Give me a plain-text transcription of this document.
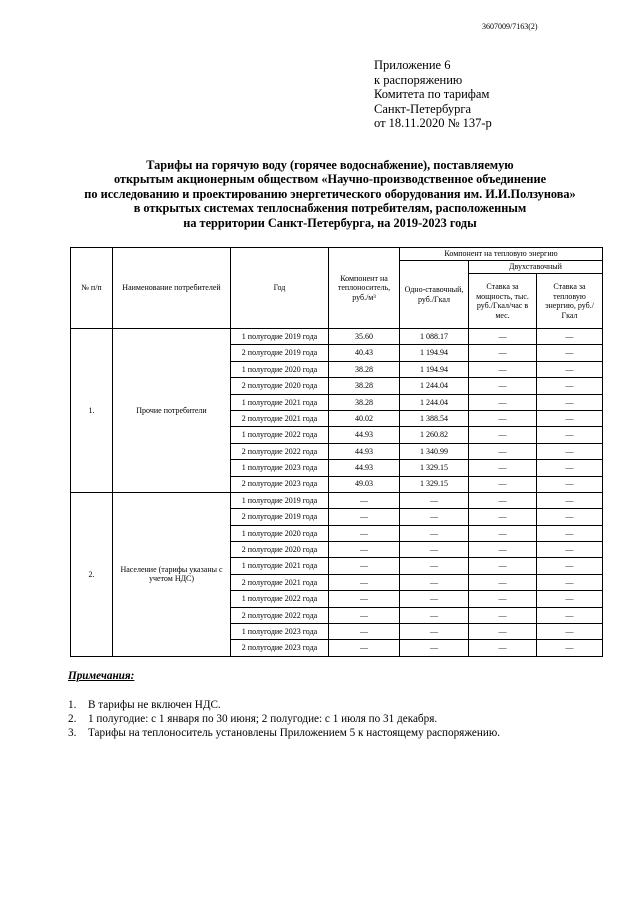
3607009/7163(2)
Приложение 6
к распоряжению
Комитета по тарифам
Санкт-Петербурга
от 18.11.2020 № 137-р
Тарифы на горячую воду (горячее водоснабжение), поставляемую
открытым акционерным обществом «Научно-производственное объединение
по исследованию и проектированию энергетического оборудования им. И.И.Ползунова»
в открытых системах теплоснабжения потребителям, расположенным
на территории Санкт-Петербурга, на 2019-2023 годы
№ п/п	Наименование потребителей	Год	Компонент на теплоноситель, руб./м³	Компонент на тепловую энергию		
				Одно-ставочный, руб./Гкал	Двухставочный	
					Ставка за мощность, тыс. руб./Гкал/час в мес.	Ставка за тепловую энергию, руб./Гкал
1.	Прочие потребители	1 полугодие 2019 года	35.60	1 088.17	—	—
		2 полугодие 2019 года	40.43	1 194.94	—	—
		1 полугодие 2020 года	38.28	1 194.94	—	—
		2 полугодие 2020 года	38.28	1 244.04	—	—
		1 полугодие 2021 года	38.28	1 244.04	—	—
		2 полугодие 2021 года	40.02	1 388.54	—	—
		1 полугодие 2022 года	44.93	1 260.82	—	—
		2 полугодие 2022 года	44.93	1 340.99	—	—
		1 полугодие 2023 года	44.93	1 329.15	—	—
		2 полугодие 2023 года	49.03	1 329.15	—	—
2.	Население (тарифы указаны с учетом НДС)	1 полугодие 2019 года	—	—	—	—
		2 полугодие 2019 года	—	—	—	—
		1 полугодие 2020 года	—	—	—	—
		2 полугодие 2020 года	—	—	—	—
		1 полугодие 2021 года	—	—	—	—
		2 полугодие 2021 года	—	—	—	—
		1 полугодие 2022 года	—	—	—	—
		2 полугодие 2022 года	—	—	—	—
		1 полугодие 2023 года	—	—	—	—
		2 полугодие 2023 года	—	—	—	—
Примечания:
1. В тарифы не включен НДС.
2. 1 полугодие: с 1 января по 30 июня; 2 полугодие: с 1 июля по 31 декабря.
3. Тарифы на теплоноситель установлены Приложением 5 к настоящему распоряжению.
